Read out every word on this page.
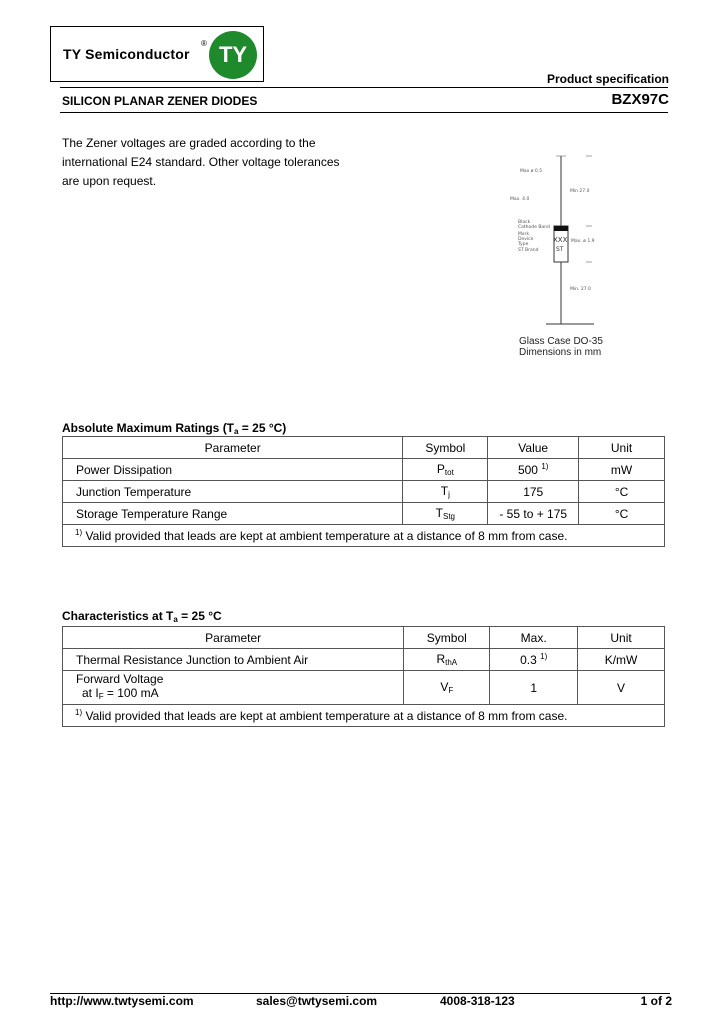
TY Semiconductor
® TY
Product specification
SILICON PLANAR ZENER DIODES	BZX97C
The Zener voltages are graded according to the
international E24 standard. Other voltage tolerances
are upon request.
Max ø 0.5
Min 27.0
Max. 4.0
Black
Cathode Band
Mark
Device
Type
ST Brand
Max. ø 1.9
XXX
ST
Min. 27.0
Glass Case DO-35
Dimensions in mm
Absolute Maximum Ratings ($T_a = 25$ °C)
Parameter	Symbol	Value	Unit
Power Dissipation	$P_{tot}$	500 $^{1)}$	mW
Junction Temperature	$T_j$	175	°C
Storage Temperature Range	$T_{Stg}$	- 55 to + 175	°C
$^{1)}$ Valid provided that leads are kept at ambient temperature at a distance of 8 mm from case.			
Characteristics at $T_a = 25$ °C
Parameter	Symbol	Max.	Unit
Thermal Resistance Junction to Ambient Air	$R_{thA}$	0.3 $^{1)}$	K/mW

Forward Voltage
at $I_F = 100$ mA	$V_F$	1	V
$^{1)}$ Valid provided that leads are kept at ambient temperature at a distance of 8 mm from case.			
http://www.twtysemi.com	sales@twtysemi.com	4008-318-123	1 of 2
